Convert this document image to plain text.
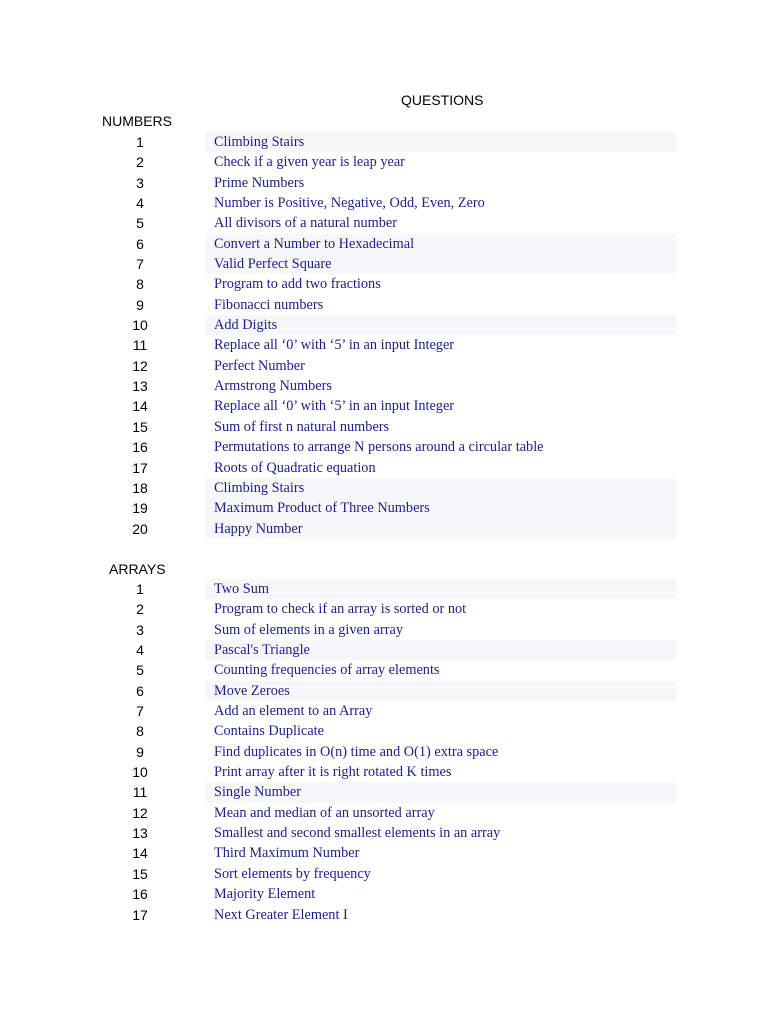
QUESTIONS
NUMBERS
1	Climbing Stairs
2	Check if a given year is leap year
3	Prime Numbers
4	Number is Positive, Negative, Odd, Even, Zero
5	All divisors of a natural number
6	Convert a Number to Hexadecimal
7	Valid Perfect Square
8	Program to add two fractions
9	Fibonacci numbers
10	Add Digits
11	Replace all ‘0’ with ‘5’ in an input Integer
12	Perfect Number
13	Armstrong Numbers
14	Replace all ‘0’ with ‘5’ in an input Integer
15	Sum of first n natural numbers
16	Permutations to arrange N persons around a circular table
17	Roots of Quadratic equation
18	Climbing Stairs
19	Maximum Product of Three Numbers
20	Happy Number
ARRAYS
1	Two Sum
2	Program to check if an array is sorted or not
3	Sum of elements in a given array
4	Pascal's Triangle
5	Counting frequencies of array elements
6	Move Zeroes
7	Add an element to an Array
8	Contains Duplicate
9	Find duplicates in O(n) time and O(1) extra space
10	Print array after it is right rotated K times
11	Single Number
12	Mean and median of an unsorted array
13	Smallest and second smallest elements in an array
14	Third Maximum Number
15	Sort elements by frequency
16	Majority Element
17	Next Greater Element I
